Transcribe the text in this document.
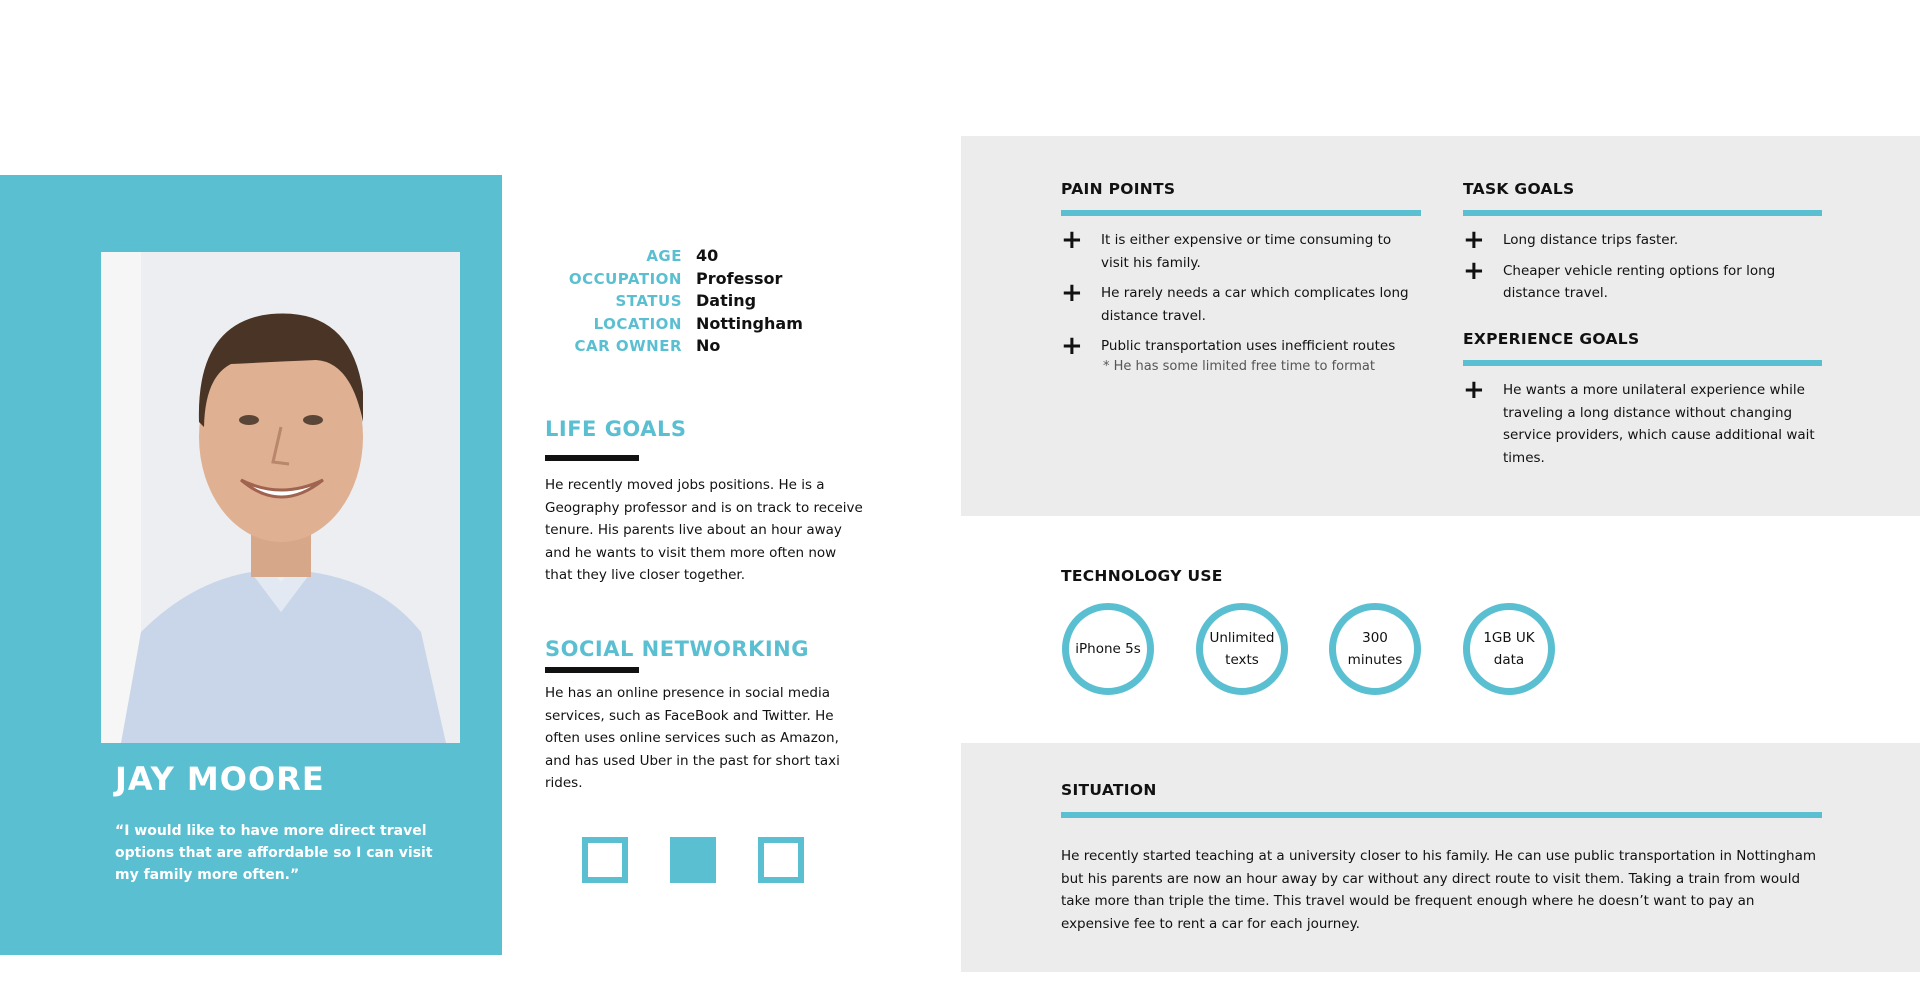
JAY MOORE
“I would like to have more direct travel options that are affordable so I can visit my family more often.”
AGE 40
OCCUPATION Professor
STATUS Dating
LOCATION Nottingham
CAR OWNER No
LIFE GOALS
He recently moved jobs positions. He is a Geography professor and is on track to receive tenure. His parents live about an hour away and he wants to visit them more often now that they live closer together.
SOCIAL NETWORKING
He has an online presence in social media services, such as FaceBook and Twitter. He often uses online services such as Amazon, and has used Uber in the past for short taxi rides.
PAIN POINTS
+	It is either expensive or time consuming to visit his family.
+	He rarely needs a car which complicates long distance travel.
+	Public transportation uses inefficient routes
* He has some limited free time to format
TASK GOALS
+	Long distance trips faster.
+	Cheaper vehicle renting options for long distance travel.
EXPERIENCE GOALS
+	He wants a more unilateral experience while traveling a long distance without changing service providers, which cause additional wait times.
TECHNOLOGY USE
iPhone 5s
Unlimited texts
300 minutes
1GB UK data
SITUATION
He recently started teaching at a university closer to his family. He can use public transportation in Nottingham but his parents are now an hour away by car without any direct route to visit them. Taking a train from would take more than triple the time. This travel would be frequent enough where he doesn’t want to pay an expensive fee to rent a car for each journey.
